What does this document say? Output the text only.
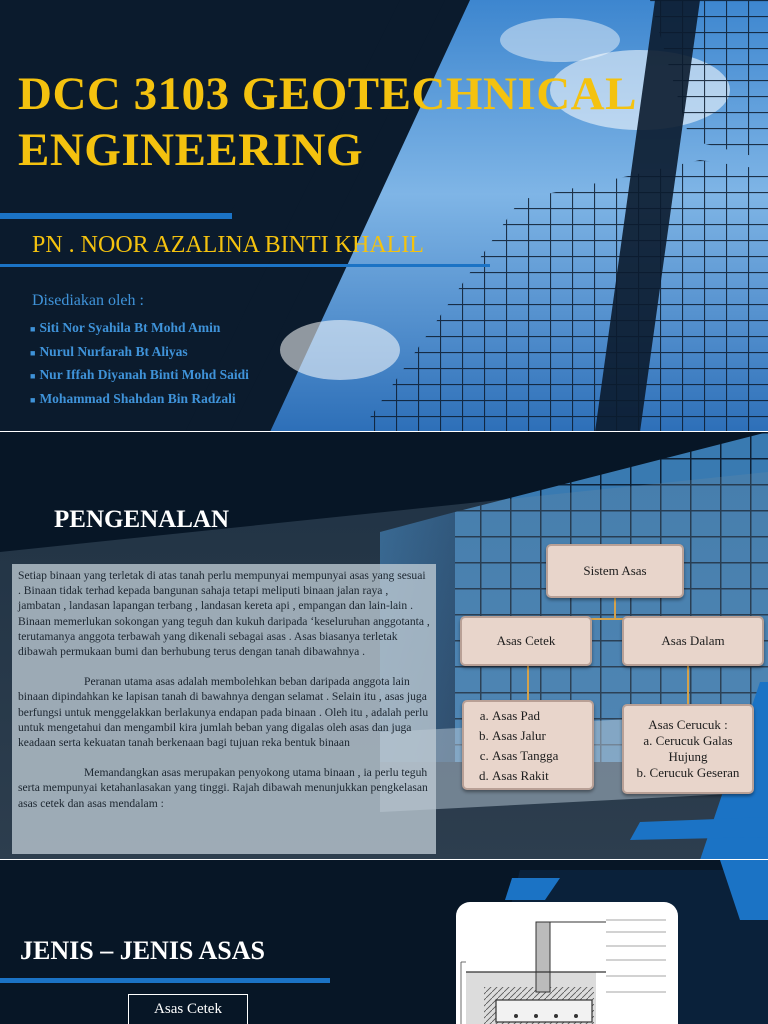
DCC 3103 GEOTECHNICAL
ENGINEERING
PN . NOOR AZALINA BINTI KHALIL
Disediakan oleh :
■ Siti Nor Syahila Bt Mohd Amin
■ Nurul Nurfarah Bt Aliyas
■ Nur Iffah Diyanah Binti Mohd Saidi
■ Mohammad Shahdan Bin Radzali
PENGENALAN

Setiap binaan yang terletak di atas tanah perlu mempunyai mempunyai asas yang sesuai . Binaan tidak terhad kepada bangunan sahaja tetapi meliputi binaan jalan raya , jambatan , landasan lapangan terbang , landasan kereta api , empangan dan lain-lain . Binaan memerlukan sokongan yang teguh dan kukuh daripada ‘keseluruhan anggotanta , terutamanya anggota terbawah yang dikenali sebagai asas . Asas biasanya terletak dibawah permukaan bumi dan berhubung terus dengan tanah dibawahnya .

Peranan utama asas adalah membolehkan beban daripada anggota lain binaan dipindahkan ke lapisan tanah di bawahnya dengan selamat . Selain itu , asas juga berfungsi untuk menggelakkan berlakunya endapan pada binaan . Oleh itu , adalah perlu untuk mengetahui dan mengambil kira jumlah beban yang digalas oleh asas dan juga keadaan serta kekuatan tanah berkenaan bagi tujuan reka bentuk binaan

Memandangkan asas merupakan penyokong utama binaan , ia perlu teguh serta mempunyai ketahanlasakan yang tinggi. Rajah dibawah menunjukkan pengkelasan asas cetek dan asas mendalam :

Sistem Asas
Asas Cetek	Asas Dalam
a. Asas Pad
b. Asas Jalur
c. Asas Tangga
d. Asas Rakit
Asas Cerucuk :
a. Cerucuk Galas Hujung
b. Cerucuk Geseran
JENIS – JENIS ASAS
Asas Cetek
